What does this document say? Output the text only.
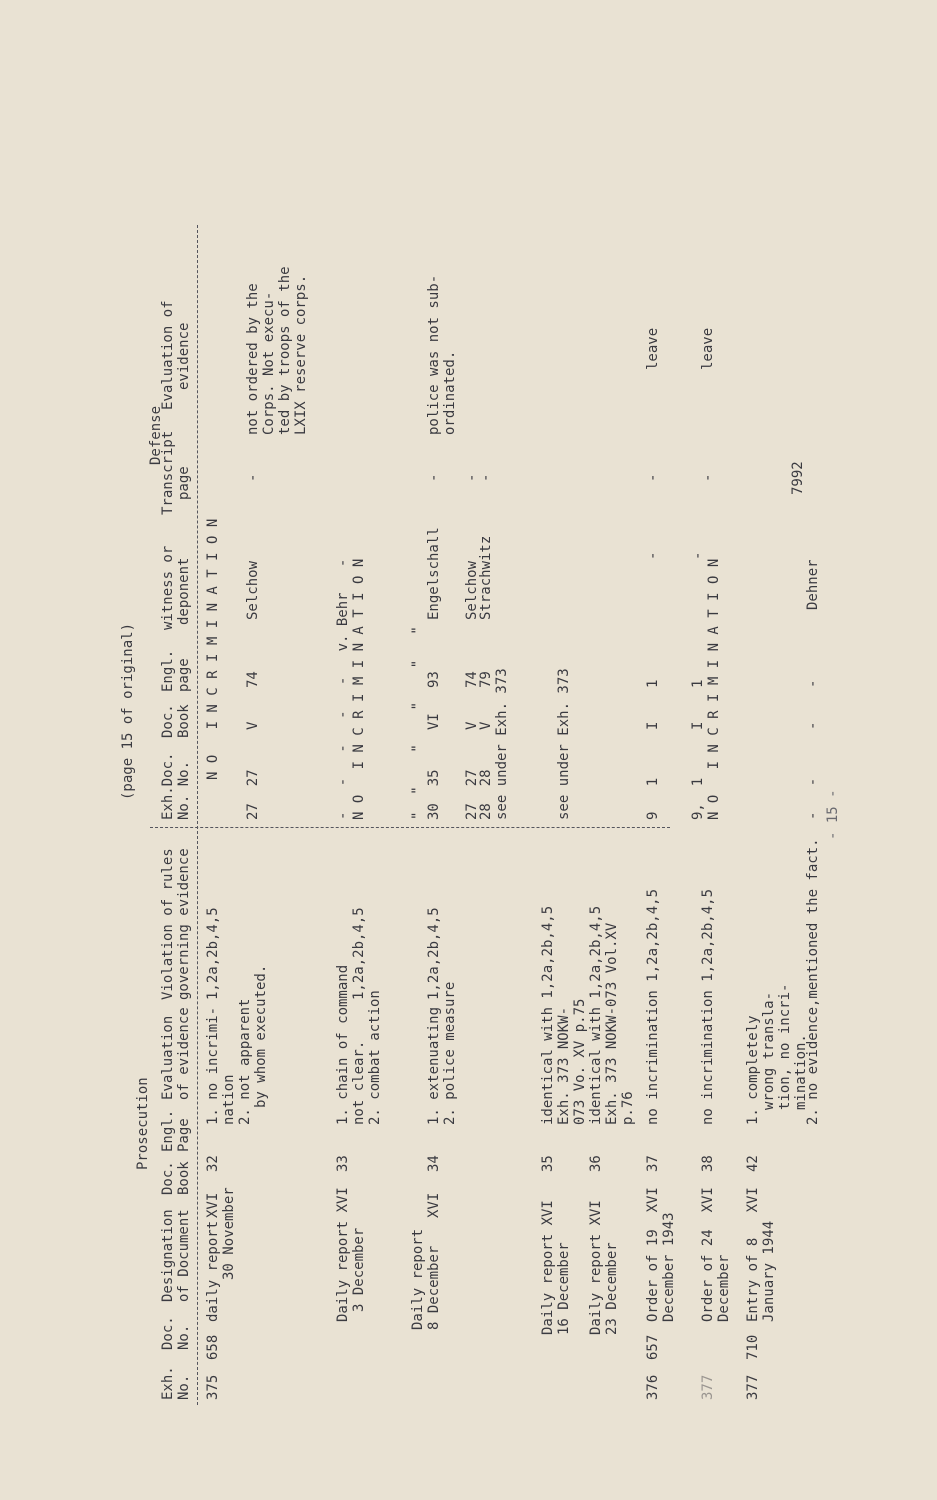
(page 15 of original)
Prosecution
Defense
Exh.
Doc.
Designation
Doc.
Engl.
Evaluation
Violation of rules
Exh.Doc.
Doc.
Engl.
witness or
Transcript
Evaluation of
No.
No.
of Document
Book
Page
of evidence
governing evidence
No. No.
Book
page
deponent
page
evidence
375
658
daily report 30 November
XVI
32
1. no incrimi- nation 2. not apparent by whom executed.
1,2a,2b,4,5
N O   I N C R I M I N A T I O N
27  27
V
74
Selchow
-
not ordered by the Corps. Not execu- ted by troops of the LXIX reserve corps.
Daily report XVI 3 December
33
1. chain of command not clear. 2. combat action
1,2a,2b,4,5
-   -   -   -   -   v. Behr   - N O   I N C R I M I N A T I O N
Daily report 8 December
XVI
34
1. extenuating 2. police measure
1,2a,2b,4,5
"  "    "    "    "   " 30  35
VI
93
Engelschall
-
police was not sub- ordinated.
27  27
28  28
V
V
74
79
Selchow
Strachwitz
-
-
see under Exh. 373
Daily report XVI 16 December
35
identical with 1,2a,2b,4,5 Exh. 373 NOKW- 073 Vo. XV p.75
see under Exh. 373
Daily report XVI 23 December
36
identical with 1,2a,2b,4,5 Exh. 373 NOKW-073 Vol.XV p.76
376
657
Order of 19  XVI December 1943
37
no incrimination 1,2a,2b,4,5
9   1
I
1
-
-
leave
377
Order of 24  XVI December
38
no incrimination 1,2a,2b,4,5
9,  1
I
1
-
-
leave
N O   I N C R I M I N A T I O N
377
710
Entry of 8   XVI January 1944
42
1. completely wrong transla- tion, no incri- mination.
2. no evidence,mentioned the fact.
-   -
-
-
Dehner
7992
- 15 -
